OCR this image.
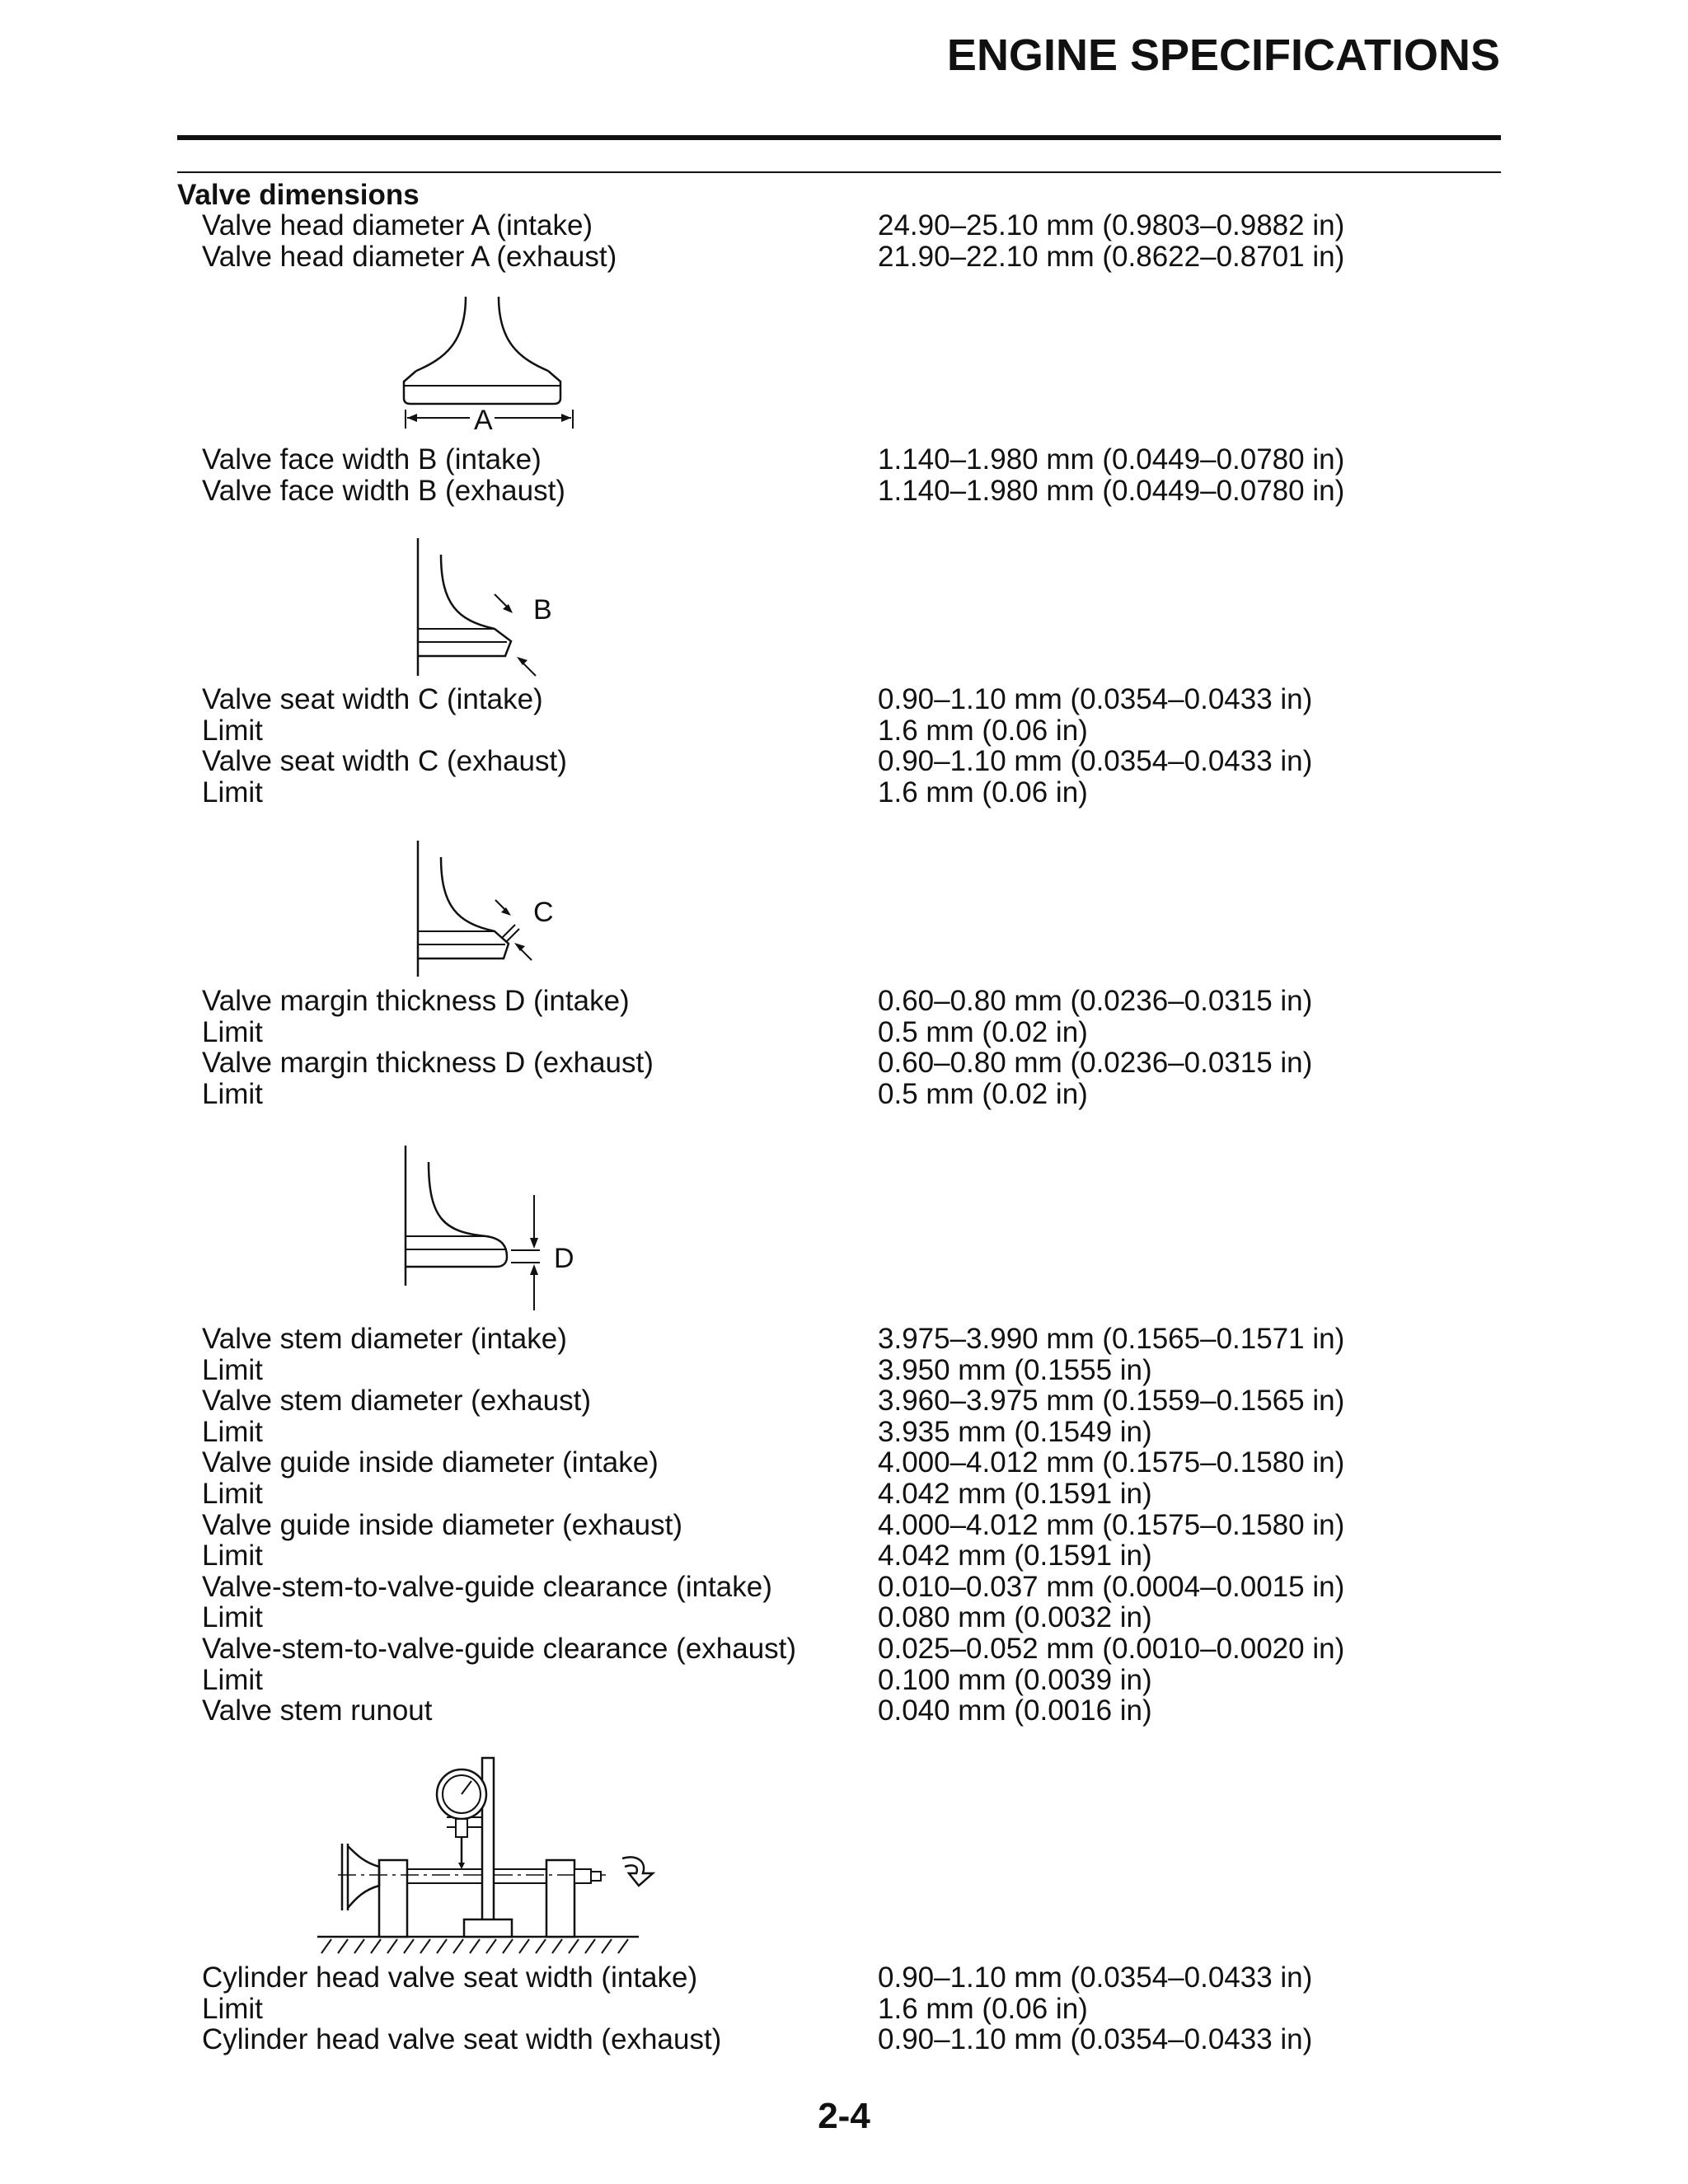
ENGINE SPECIFICATIONS
Valve dimensions
Valve head diameter A (intake)	24.90–25.10 mm (0.9803–0.9882 in)
Valve head diameter A (exhaust)	21.90–22.10 mm (0.8622–0.8701 in)
A
Valve face width B (intake)	1.140–1.980 mm (0.0449–0.0780 in)
Valve face width B (exhaust)	1.140–1.980 mm (0.0449–0.0780 in)
B
Valve seat width C (intake)	0.90–1.10 mm (0.0354–0.0433 in)
Limit	1.6 mm (0.06 in)
Valve seat width C (exhaust)	0.90–1.10 mm (0.0354–0.0433 in)
Limit	1.6 mm (0.06 in)
C
Valve margin thickness D (intake)	0.60–0.80 mm (0.0236–0.0315 in)
Limit	0.5 mm (0.02 in)
Valve margin thickness D (exhaust)	0.60–0.80 mm (0.0236–0.0315 in)
Limit	0.5 mm (0.02 in)
D
Valve stem diameter (intake)	3.975–3.990 mm (0.1565–0.1571 in)
Limit	3.950 mm (0.1555 in)
Valve stem diameter (exhaust)	3.960–3.975 mm (0.1559–0.1565 in)
Limit	3.935 mm (0.1549 in)
Valve guide inside diameter (intake)	4.000–4.012 mm (0.1575–0.1580 in)
Limit	4.042 mm (0.1591 in)
Valve guide inside diameter (exhaust)	4.000–4.012 mm (0.1575–0.1580 in)
Limit	4.042 mm (0.1591 in)
Valve-stem-to-valve-guide clearance (intake)	0.010–0.037 mm (0.0004–0.0015 in)
Limit	0.080 mm (0.0032 in)
Valve-stem-to-valve-guide clearance (exhaust)	0.025–0.052 mm (0.0010–0.0020 in)
Limit	0.100 mm (0.0039 in)
Valve stem runout	0.040 mm (0.0016 in)
Cylinder head valve seat width (intake)	0.90–1.10 mm (0.0354–0.0433 in)
Limit	1.6 mm (0.06 in)
Cylinder head valve seat width (exhaust)	0.90–1.10 mm (0.0354–0.0433 in)
2-4
